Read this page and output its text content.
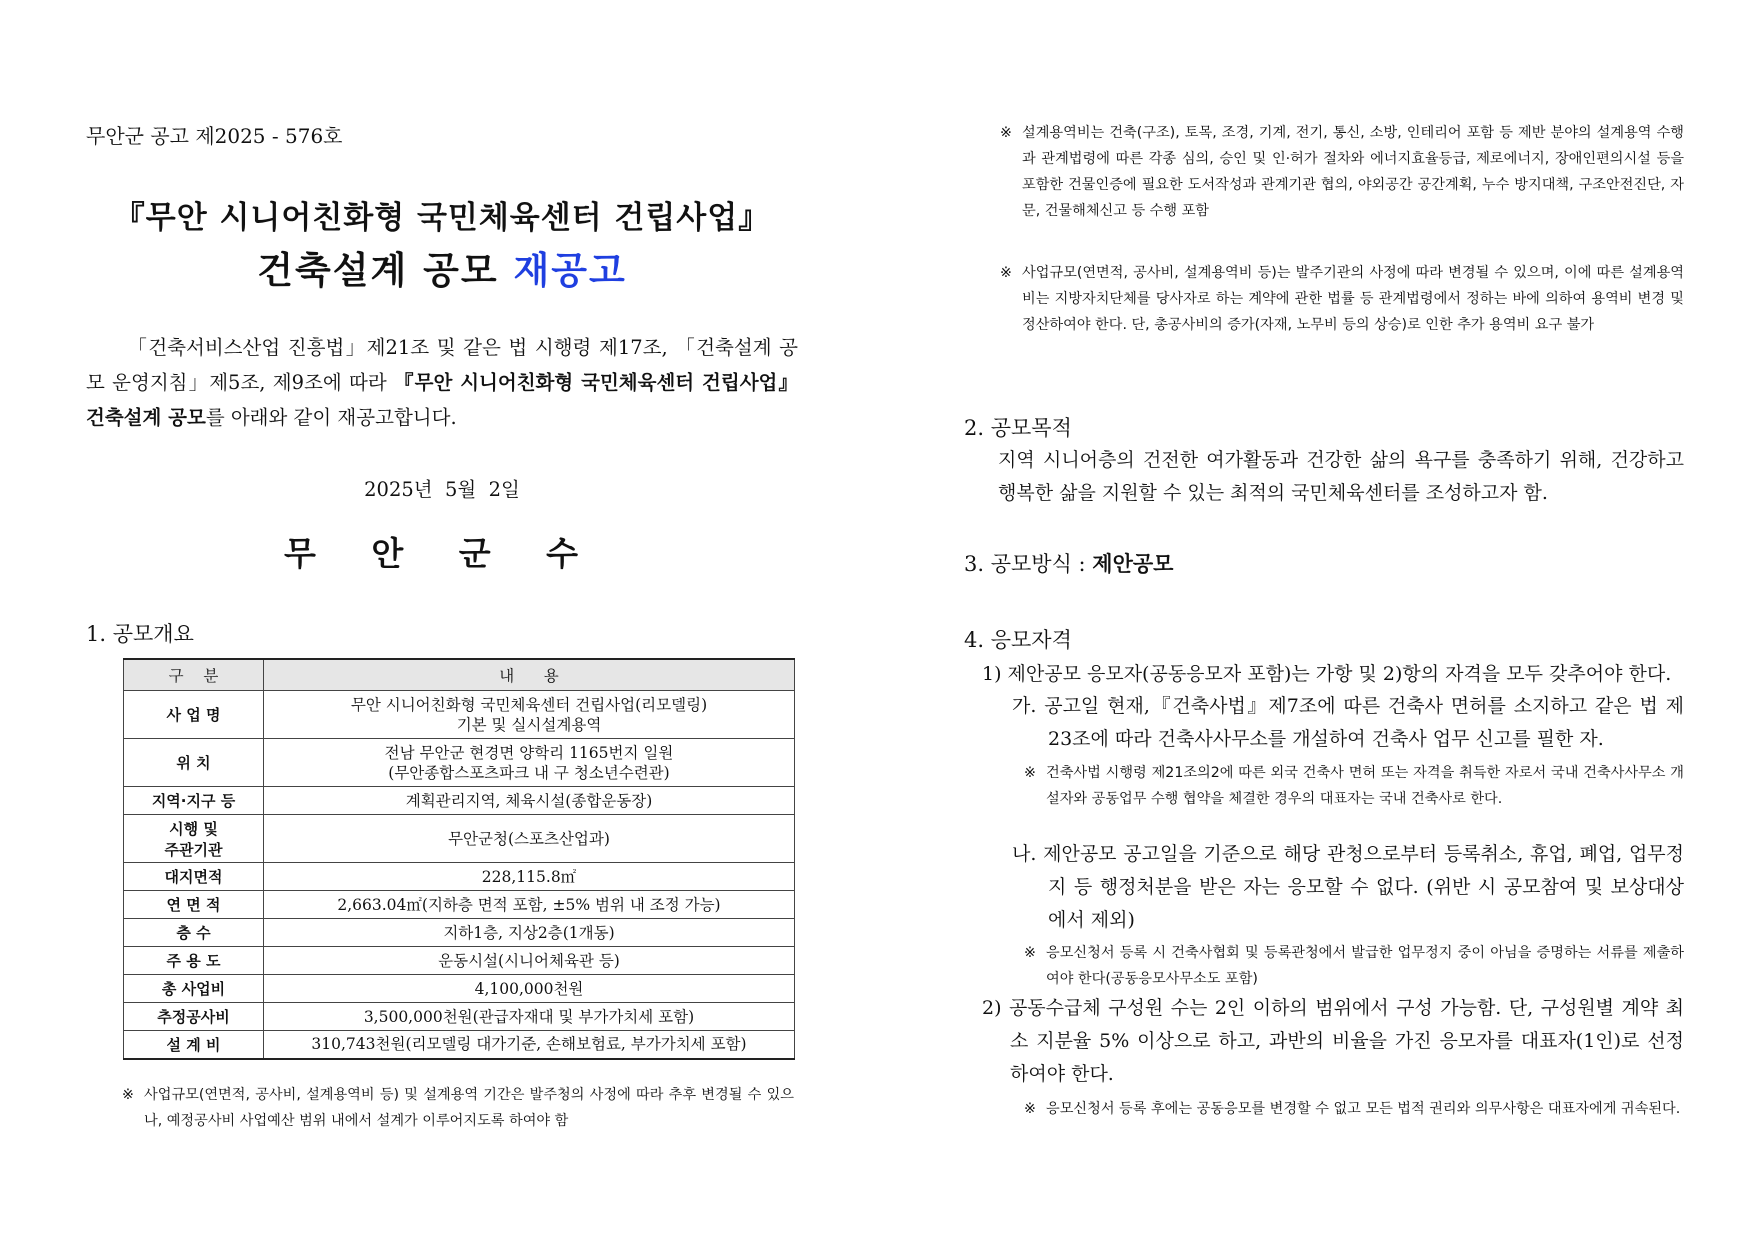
무안군 공고 제2025 - 576호
『무안 시니어친화형 국민체육센터 건립사업』
건축설계 공모 재공고
「건축서비스산업 진흥법」제21조 및 같은 법 시행령 제17조, 「건축설계 공모 운영지침」제5조, 제9조에 따라 『무안 시니어친화형 국민체육센터 건립사업』건축설계 공모를 아래와 같이 재공고합니다.
2025년  5월  2일
무 안 군 수
1. 공모개요
구    분	내      용
사 업 명	무안 시니어친화형 국민체육센터 건립사업(리모델링)
기본 및 실시설계용역
위 치	전남 무안군 현경면 양학리 1165번지 일원
(무안종합스포츠파크 내 구 청소년수련관)
지역·지구 등	계획관리지역, 체육시설(종합운동장)
시행 및
주관기관	무안군청(스포츠산업과)
대지면적	228,115.8㎡
연 면 적	2,663.04㎡(지하층 면적 포함, ±5% 범위 내 조정 가능)
층 수	지하1층, 지상2층(1개동)
주 용 도	운동시설(시니어체육관 등)
총 사업비	4,100,000천원
추정공사비	3,500,000천원(관급자재대 및 부가가치세 포함)
설 계 비	310,743천원(리모델링 대가기준, 손해보험료, 부가가치세 포함)
※ 사업규모(연면적, 공사비, 설계용역비 등) 및 설계용역 기간은 발주청의 사정에 따라 추후 변경될 수 있으나, 예정공사비 사업예산 범위 내에서 설계가 이루어지도록 하여야 함
※ 설계용역비는 건축(구조), 토목, 조경, 기계, 전기, 통신, 소방, 인테리어 포함 등 제반 분야의 설계용역 수행과 관계법령에 따른 각종 심의, 승인 및 인·허가 절차와 에너지효율등급, 제로에너지, 장애인편의시설 등을 포함한 건물인증에 필요한 도서작성과 관계기관 협의, 야외공간 공간계획, 누수 방지대책, 구조안전진단, 자문, 건물해체신고 등 수행 포함
※ 사업규모(연면적, 공사비, 설계용역비 등)는 발주기관의 사정에 따라 변경될 수 있으며, 이에 따른 설계용역비는 지방자치단체를 당사자로 하는 계약에 관한 법률 등 관계법령에서 정하는 바에 의하여 용역비 변경 및 정산하여야 한다. 단, 총공사비의 증가(자재, 노무비 등의 상승)로 인한 추가 용역비 요구 불가
2. 공모목적
지역 시니어층의 건전한 여가활동과 건강한 삶의 욕구를 충족하기 위해, 건강하고 행복한 삶을 지원할 수 있는 최적의 국민체육센터를 조성하고자 함.
3. 공모방식 : 제안공모
4. 응모자격
1) 제안공모 응모자(공동응모자 포함)는 가항 및 2)항의 자격을 모두 갖추어야 한다.
가. 공고일 현재,『건축사법』제7조에 따른 건축사 면허를 소지하고 같은 법 제23조에 따라 건축사사무소를 개설하여 건축사 업무 신고를 필한 자.
※ 건축사법 시행령 제21조의2에 따른 외국 건축사 면허 또는 자격을 취득한 자로서 국내 건축사사무소 개설자와 공동업무 수행 협약을 체결한 경우의 대표자는 국내 건축사로 한다.
나. 제안공모 공고일을 기준으로 해당 관청으로부터 등록취소, 휴업, 폐업, 업무정지 등 행정처분을 받은 자는 응모할 수 없다. (위반 시 공모참여 및 보상대상에서 제외)
※ 응모신청서 등록 시 건축사협회 및 등록관청에서 발급한 업무정지 중이 아님을 증명하는 서류를 제출하여야 한다(공동응모사무소도 포함)
2) 공동수급체 구성원 수는 2인 이하의 범위에서 구성 가능함. 단, 구성원별 계약 최소 지분율 5% 이상으로 하고, 과반의 비율을 가진 응모자를 대표자(1인)로 선정하여야 한다.
※ 응모신청서 등록 후에는 공동응모를 변경할 수 없고 모든 법적 권리와 의무사항은 대표자에게 귀속된다.
